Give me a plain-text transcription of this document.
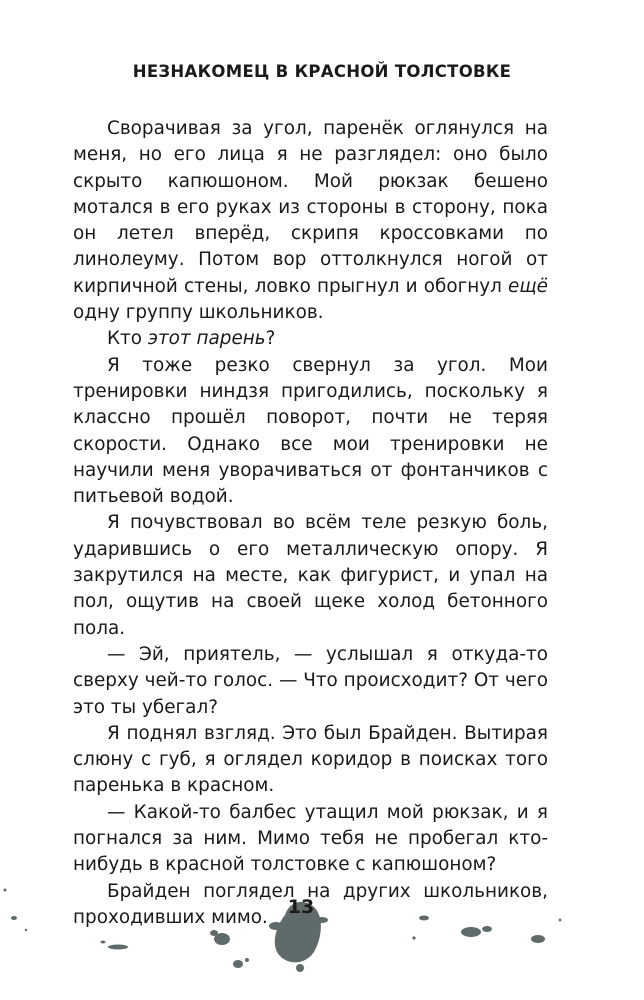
НЕЗНАКОМЕЦ В КРАСНОЙ ТОЛСТОВКЕ

Сворачивая за угол, паренёк оглянулся на меня, но его лица я не разглядел: оно было скрыто капюшоном. Мой рюкзак бешено мотался в его руках из стороны в сторону, пока он летел вперёд, скрипя кроссовками по линолеуму. Потом вор оттолкнулся ногой от кирпичной стены, ловко прыгнул и обогнул ещё одну группу школьников.

Кто этот парень?

Я тоже резко свернул за угол. Мои тренировки ниндзя пригодились, поскольку я классно прошёл поворот, почти не теряя скорости. Однако все мои тренировки не научили меня уворачиваться от фонтанчиков с питьевой водой.

Я почувствовал во всём теле резкую боль, ударившись о его металлическую опору. Я закрутился на месте, как фигурист, и упал на пол, ощутив на своей щеке холод бетонного пола.

— Эй, приятель, — услышал я откуда-то сверху чей-то голос. — Что происходит? От чего это ты убегал?

Я поднял взгляд. Это был Брайден. Вытирая слюну с губ, я оглядел коридор в поисках того паренька в красном.

— Какой-то балбес утащил мой рюкзак, и я погнался за ним. Мимо тебя не пробегал кто-нибудь в красной толстовке с капюшоном?

Брайден поглядел на других школьников, проходивших мимо.	13
